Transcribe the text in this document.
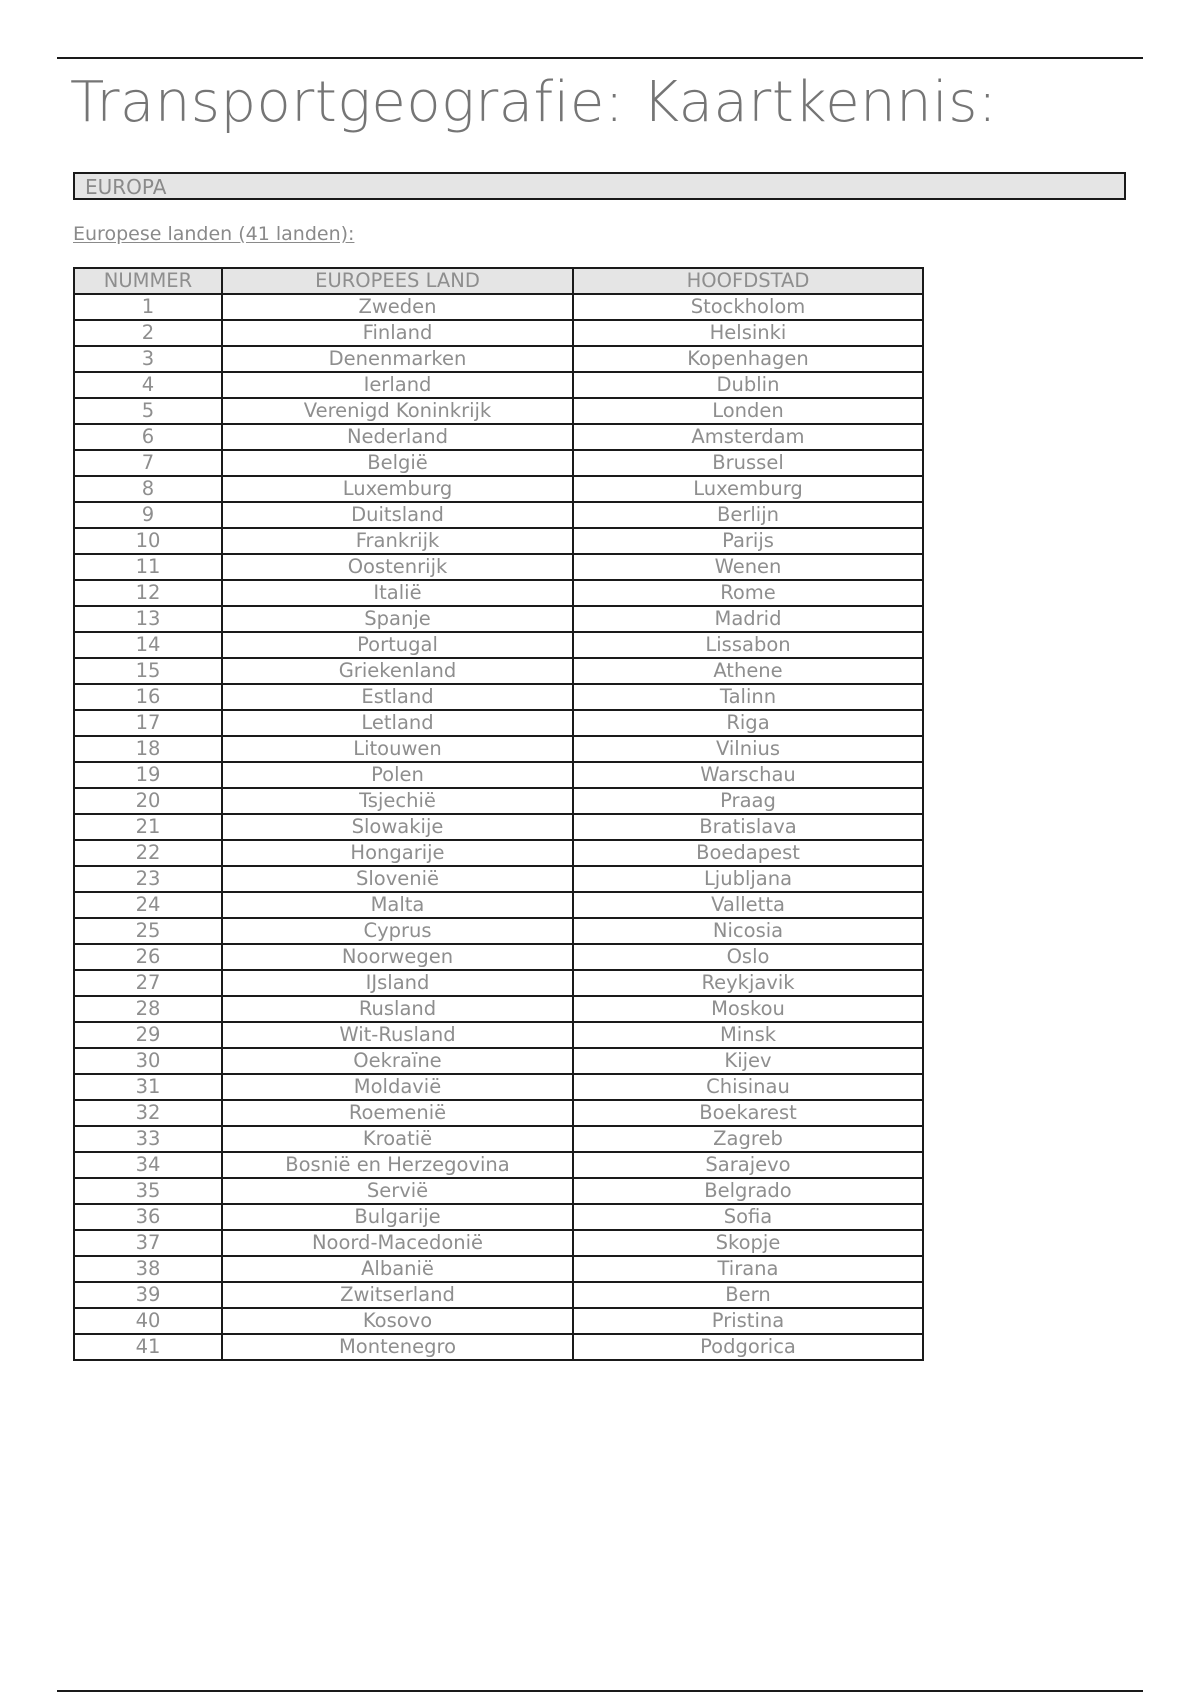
Transportgeografie: Kaartkennis:
EUROPA
Europese landen (41 landen):
NUMMER	EUROPEES LAND	HOOFDSTAD
1	Zweden	Stockholom
2	Finland	Helsinki
3	Denenmarken	Kopenhagen
4	Ierland	Dublin
5	Verenigd Koninkrijk	Londen
6	Nederland	Amsterdam
7	België	Brussel
8	Luxemburg	Luxemburg
9	Duitsland	Berlijn
10	Frankrijk	Parijs
11	Oostenrijk	Wenen
12	Italië	Rome
13	Spanje	Madrid
14	Portugal	Lissabon
15	Griekenland	Athene
16	Estland	Talinn
17	Letland	Riga
18	Litouwen	Vilnius
19	Polen	Warschau
20	Tsjechië	Praag
21	Slowakije	Bratislava
22	Hongarije	Boedapest
23	Slovenië	Ljubljana
24	Malta	Valletta
25	Cyprus	Nicosia
26	Noorwegen	Oslo
27	IJsland	Reykjavik
28	Rusland	Moskou
29	Wit-Rusland	Minsk
30	Oekraïne	Kijev
31	Moldavië	Chisinau
32	Roemenië	Boekarest
33	Kroatië	Zagreb
34	Bosnië en Herzegovina	Sarajevo
35	Servië	Belgrado
36	Bulgarije	Sofia
37	Noord-Macedonië	Skopje
38	Albanië	Tirana
39	Zwitserland	Bern
40	Kosovo	Pristina
41	Montenegro	Podgorica
